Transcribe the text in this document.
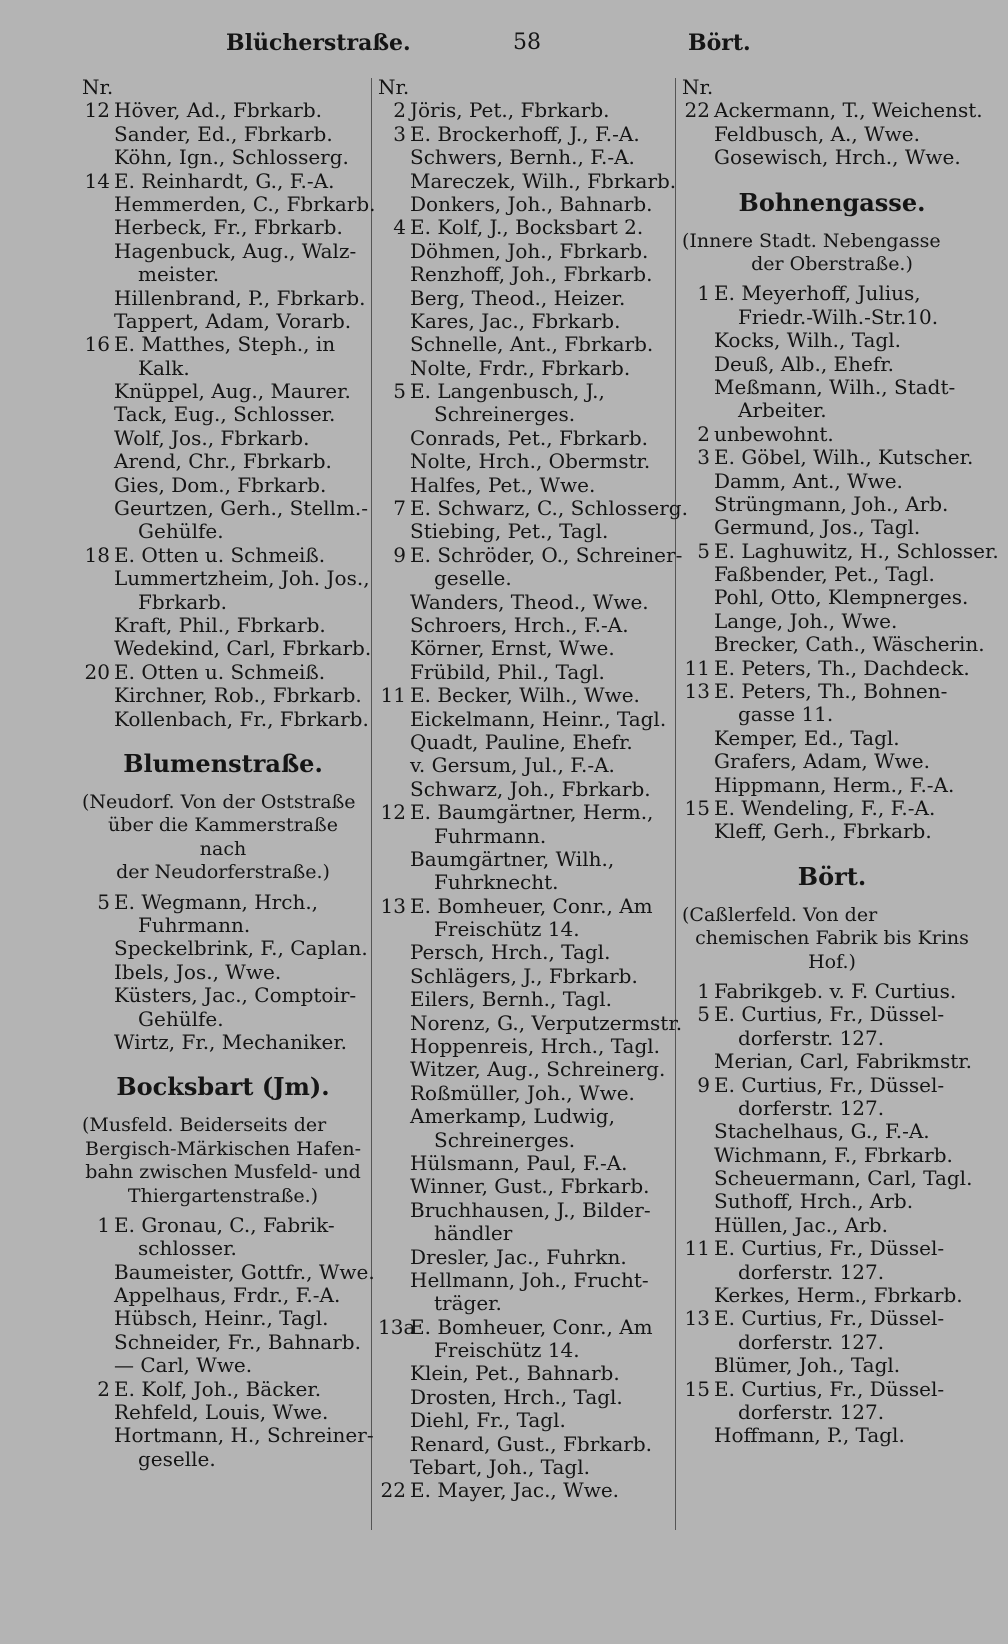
Blücherstraße.	58	Bört.
Nr.
12 Höver, Ad., Fbrkarb.
Sander, Ed., Fbrkarb.
Köhn, Ign., Schlosserg.
14 E. Reinhardt, G., F.-A.
Hemmerden, C., Fbrkarb.
Herbeck, Fr., Fbrkarb.
Hagenbuck, Aug., Walz-
meister.
Hillenbrand, P., Fbrkarb.
Tappert, Adam, Vorarb.
16 E. Matthes, Steph., in
Kalk.
Knüppel, Aug., Maurer.
Tack, Eug., Schlosser.
Wolf, Jos., Fbrkarb.
Arend, Chr., Fbrkarb.
Gies, Dom., Fbrkarb.
Geurtzen, Gerh., Stellm.-
Gehülfe.
18 E. Otten u. Schmeiß.
Lummertzheim, Joh. Jos.,
Fbrkarb.
Kraft, Phil., Fbrkarb.
Wedekind, Carl, Fbrkarb.
20 E. Otten u. Schmeiß.
Kirchner, Rob., Fbrkarb.
Kollenbach, Fr., Fbrkarb.
Blumenstraße.
(Neudorf. Von der Oststraße
über die Kammerstraße nach
der Neudorferstraße.)
5 E. Wegmann, Hrch.,
Fuhrmann.
Speckelbrink, F., Caplan.
Ibels, Jos., Wwe.
Küsters, Jac., Comptoir-
Gehülfe.
Wirtz, Fr., Mechaniker.
Bocksbart (Jm).
(Musfeld. Beiderseits der
Bergisch-Märkischen Hafen-
bahn zwischen Musfeld- und
Thiergartenstraße.)
1 E. Gronau, C., Fabrik-
schlosser.
Baumeister, Gottfr., Wwe.
Appelhaus, Frdr., F.-A.
Hübsch, Heinr., Tagl.
Schneider, Fr., Bahnarb.
— Carl, Wwe.
2 E. Kolf, Joh., Bäcker.
Rehfeld, Louis, Wwe.
Hortmann, H., Schreiner-
geselle.
Nr.
2 Jöris, Pet., Fbrkarb.
3 E. Brockerhoff, J., F.-A.
Schwers, Bernh., F.-A.
Mareczek, Wilh., Fbrkarb.
Donkers, Joh., Bahnarb.
4 E. Kolf, J., Bocksbart 2.
Döhmen, Joh., Fbrkarb.
Renzhoff, Joh., Fbrkarb.
Berg, Theod., Heizer.
Kares, Jac., Fbrkarb.
Schnelle, Ant., Fbrkarb.
Nolte, Frdr., Fbrkarb.
5 E. Langenbusch, J.,
Schreinerges.
Conrads, Pet., Fbrkarb.
Nolte, Hrch., Obermstr.
Halfes, Pet., Wwe.
7 E. Schwarz, C., Schlosserg.
Stiebing, Pet., Tagl.
9 E. Schröder, O., Schreiner-
geselle.
Wanders, Theod., Wwe.
Schroers, Hrch., F.-A.
Körner, Ernst, Wwe.
Frübild, Phil., Tagl.
11 E. Becker, Wilh., Wwe.
Eickelmann, Heinr., Tagl.
Quadt, Pauline, Ehefr.
v. Gersum, Jul., F.-A.
Schwarz, Joh., Fbrkarb.
12 E. Baumgärtner, Herm.,
Fuhrmann.
Baumgärtner, Wilh.,
Fuhrknecht.
13 E. Bomheuer, Conr., Am
Freischütz 14.
Persch, Hrch., Tagl.
Schlägers, J., Fbrkarb.
Eilers, Bernh., Tagl.
Norenz, G., Verputzermstr.
Hoppenreis, Hrch., Tagl.
Witzer, Aug., Schreinerg.
Roßmüller, Joh., Wwe.
Amerkamp, Ludwig,
Schreinerges.
Hülsmann, Paul, F.-A.
Winner, Gust., Fbrkarb.
Bruchhausen, J., Bilder-
händler
Dresler, Jac., Fuhrkn.
Hellmann, Joh., Frucht-
träger.
13a
E. Bomheuer, Conr., Am
Freischütz 14.
Klein, Pet., Bahnarb.
Drosten, Hrch., Tagl.
Diehl, Fr., Tagl.
Renard, Gust., Fbrkarb.
Tebart, Joh., Tagl.
22 E. Mayer, Jac., Wwe.
Nr.
22 Ackermann, T., Weichenst.
Feldbusch, A., Wwe.
Gosewisch, Hrch., Wwe.
Bohnengasse.
(Innere Stadt. Nebengasse
der Oberstraße.)
1 E. Meyerhoff, Julius,
Friedr.-Wilh.-Str.10.
Kocks, Wilh., Tagl.
Deuß, Alb., Ehefr.
Meßmann, Wilh., Stadt-
Arbeiter.
2 unbewohnt.
3 E. Göbel, Wilh., Kutscher.
Damm, Ant., Wwe.
Strüngmann, Joh., Arb.
Germund, Jos., Tagl.
5 E. Laghuwitz, H., Schlosser.
Faßbender, Pet., Tagl.
Pohl, Otto, Klempnerges.
Lange, Joh., Wwe.
Brecker, Cath., Wäscherin.
11 E. Peters, Th., Dachdeck.
13 E. Peters, Th., Bohnen-
gasse 11.
Kemper, Ed., Tagl.
Grafers, Adam, Wwe.
Hippmann, Herm., F.-A.
15 E. Wendeling, F., F.-A.
Kleff, Gerh., Fbrkarb.
Bört.
(Caßlerfeld. Von der
chemischen Fabrik bis Krins
Hof.)
1 Fabrikgeb. v. F. Curtius.
5 E. Curtius, Fr., Düssel-
dorferstr. 127.
Merian, Carl, Fabrikmstr.
9 E. Curtius, Fr., Düssel-
dorferstr. 127.
Stachelhaus, G., F.-A.
Wichmann, F., Fbrkarb.
Scheuermann, Carl, Tagl.
Suthoff, Hrch., Arb.
Hüllen, Jac., Arb.
11 E. Curtius, Fr., Düssel-
dorferstr. 127.
Kerkes, Herm., Fbrkarb.
13 E. Curtius, Fr., Düssel-
dorferstr. 127.
Blümer, Joh., Tagl.
15 E. Curtius, Fr., Düssel-
dorferstr. 127.
Hoffmann, P., Tagl.
